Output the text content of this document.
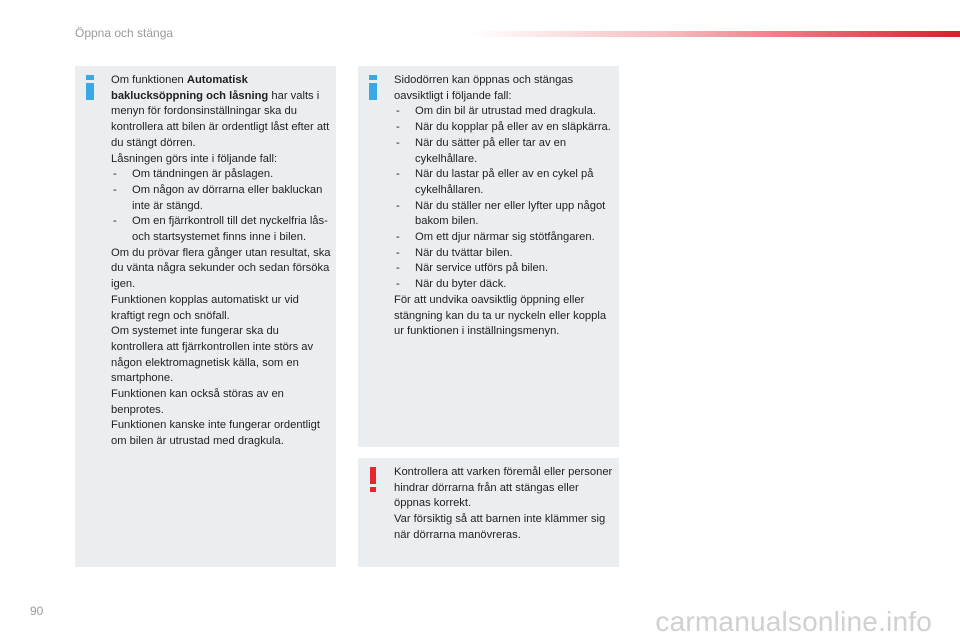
Öppna och stänga

Om funktionen Automatisk baklucksöppning och låsning har valts i menyn för fordonsinställningar ska du kontrollera att bilen är ordentligt låst efter att du stängt dörren.

Låsningen görs inte i följande fall:

- Om tändningen är påslagen.
- Om någon av dörrarna eller bakluckan inte är stängd.
- Om en fjärrkontroll till det nyckelfria lås- och startsystemet finns inne i bilen.

Om du prövar flera gånger utan resultat, ska du vänta några sekunder och sedan försöka igen.

Funktionen kopplas automatiskt ur vid kraftigt regn och snöfall.

Om systemet inte fungerar ska du kontrollera att fjärrkontrollen inte störs av någon elektromagnetisk källa, som en smartphone.

Funktionen kan också störas av en benprotes.

Funktionen kanske inte fungerar ordentligt om bilen är utrustad med dragkula.

Sidodörren kan öppnas och stängas oavsiktligt i följande fall:

- Om din bil är utrustad med dragkula.
- När du kopplar på eller av en släpkärra.
- När du sätter på eller tar av en cykelhållare.
- När du lastar på eller av en cykel på cykelhållaren.
- När du ställer ner eller lyfter upp något bakom bilen.
- Om ett djur närmar sig stötfångaren.
- När du tvättar bilen.
- När service utförs på bilen.
- När du byter däck.

För att undvika oavsiktlig öppning eller stängning kan du ta ur nyckeln eller koppla ur funktionen i inställningsmenyn.

Kontrollera att varken föremål eller personer hindrar dörrarna från att stängas eller öppnas korrekt.

Var försiktig så att barnen inte klämmer sig när dörrarna manövreras.

90	carmanualsonline.info
